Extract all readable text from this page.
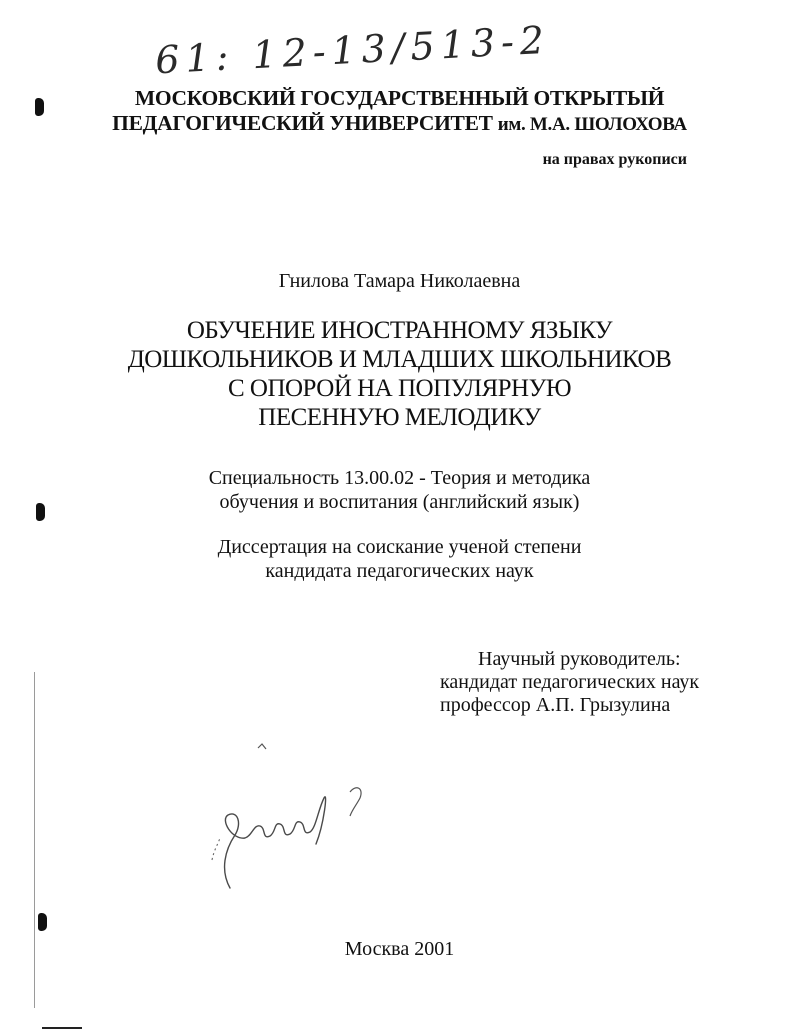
61: 12-13/513-2
МОСКОВСКИЙ ГОСУДАРСТВЕННЫЙ ОТКРЫТЫЙ
ПЕДАГОГИЧЕСКИЙ УНИВЕРСИТЕТ им. М.А. ШОЛОХОВА
на правах рукописи
Гнилова Тамара Николаевна
ОБУЧЕНИЕ ИНОСТРАННОМУ ЯЗЫКУ
ДОШКОЛЬНИКОВ И МЛАДШИХ ШКОЛЬНИКОВ
С ОПОРОЙ НА ПОПУЛЯРНУЮ
ПЕСЕННУЮ МЕЛОДИКУ
Специальность 13.00.02 - Теория и методика
обучения и воспитания (английский язык)
Диссертация на соискание ученой степени
кандидата педагогических наук
Научный руководитель:
кандидат педагогических наук
профессор А.П. Грызулина
Москва 2001
